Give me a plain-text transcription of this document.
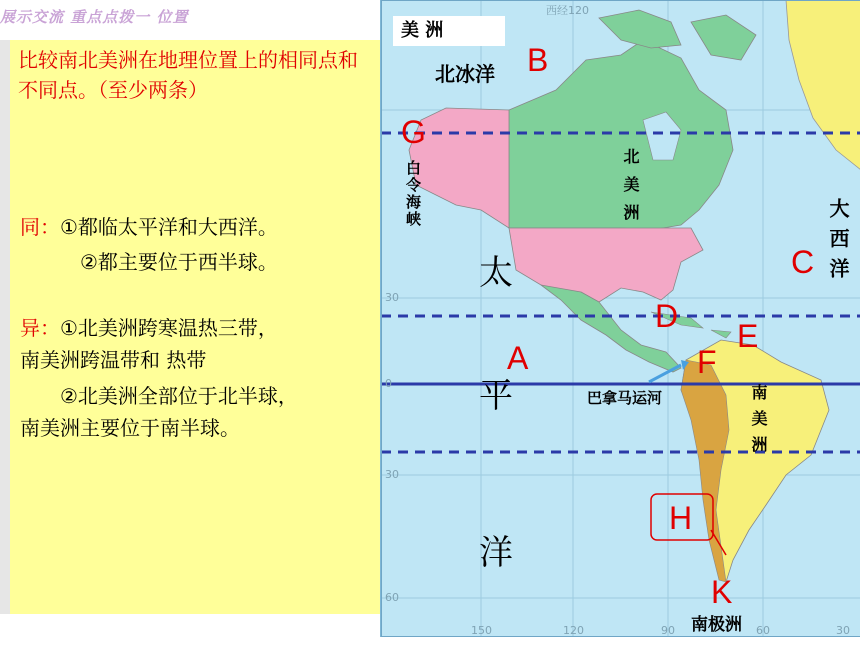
展示交流 重点点拨一 位置
比较南北美洲在地理位置上的相同点和不同点。（至少两条）
同：①都临太平洋和大西洋。
②都主要位于西半球。
异：①北美洲跨寒温热三带，
南美洲跨温带和 热带
②北美洲全部位于北半球，
南美洲主要位于南半球。
美 洲
西经120
30
0
30
60
150	120	90	60	30
北冰洋
白令海峡	北美洲
南美洲
大西洋
太
平
洋
巴拿马运河
南极洲
B
G
C
D
E
F
A
H
K
